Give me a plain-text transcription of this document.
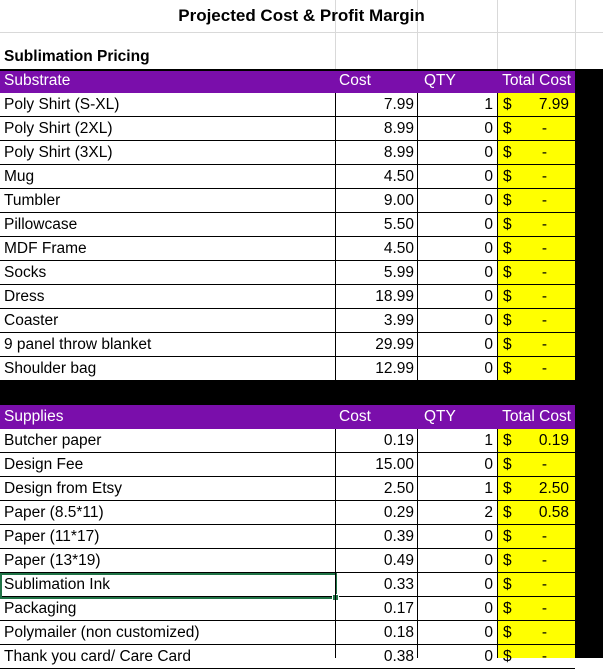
Projected Cost & Profit Margin
Sublimation Pricing
Substrate	Cost	QTY	Total Cost
Poly Shirt (S-XL)	7.99	1 $	7.99
Poly Shirt (2XL)	8.99	0 $	-
Poly Shirt (3XL)	8.99	0 $	-
Mug	4.50	0 $	-
Tumbler	9.00	0 $	-
Pillowcase	5.50	0 $	-
MDF Frame	4.50	0 $	-
Socks	5.99	0 $	-
Dress	18.99	0 $	-
Coaster	3.99	0 $	-
9 panel throw blanket	29.99	0 $	-
Shoulder bag	12.99	0 $	-
Supplies	Cost	QTY	Total Cost
Butcher paper	0.19	1 $	0.19
Design Fee	15.00	0 $	-
Design from Etsy	2.50	1 $	2.50
Paper (8.5*11)	0.29	2 $	0.58
Paper (11*17)	0.39	0 $	-
Paper (13*19)	0.49	0 $	-
Sublimation Ink	0.33	0 $	-
Packaging	0.17	0 $	-
Polymailer (non customized)	0.18	0 $	-
Thank you card/ Care Card	0.38	0 $	-
